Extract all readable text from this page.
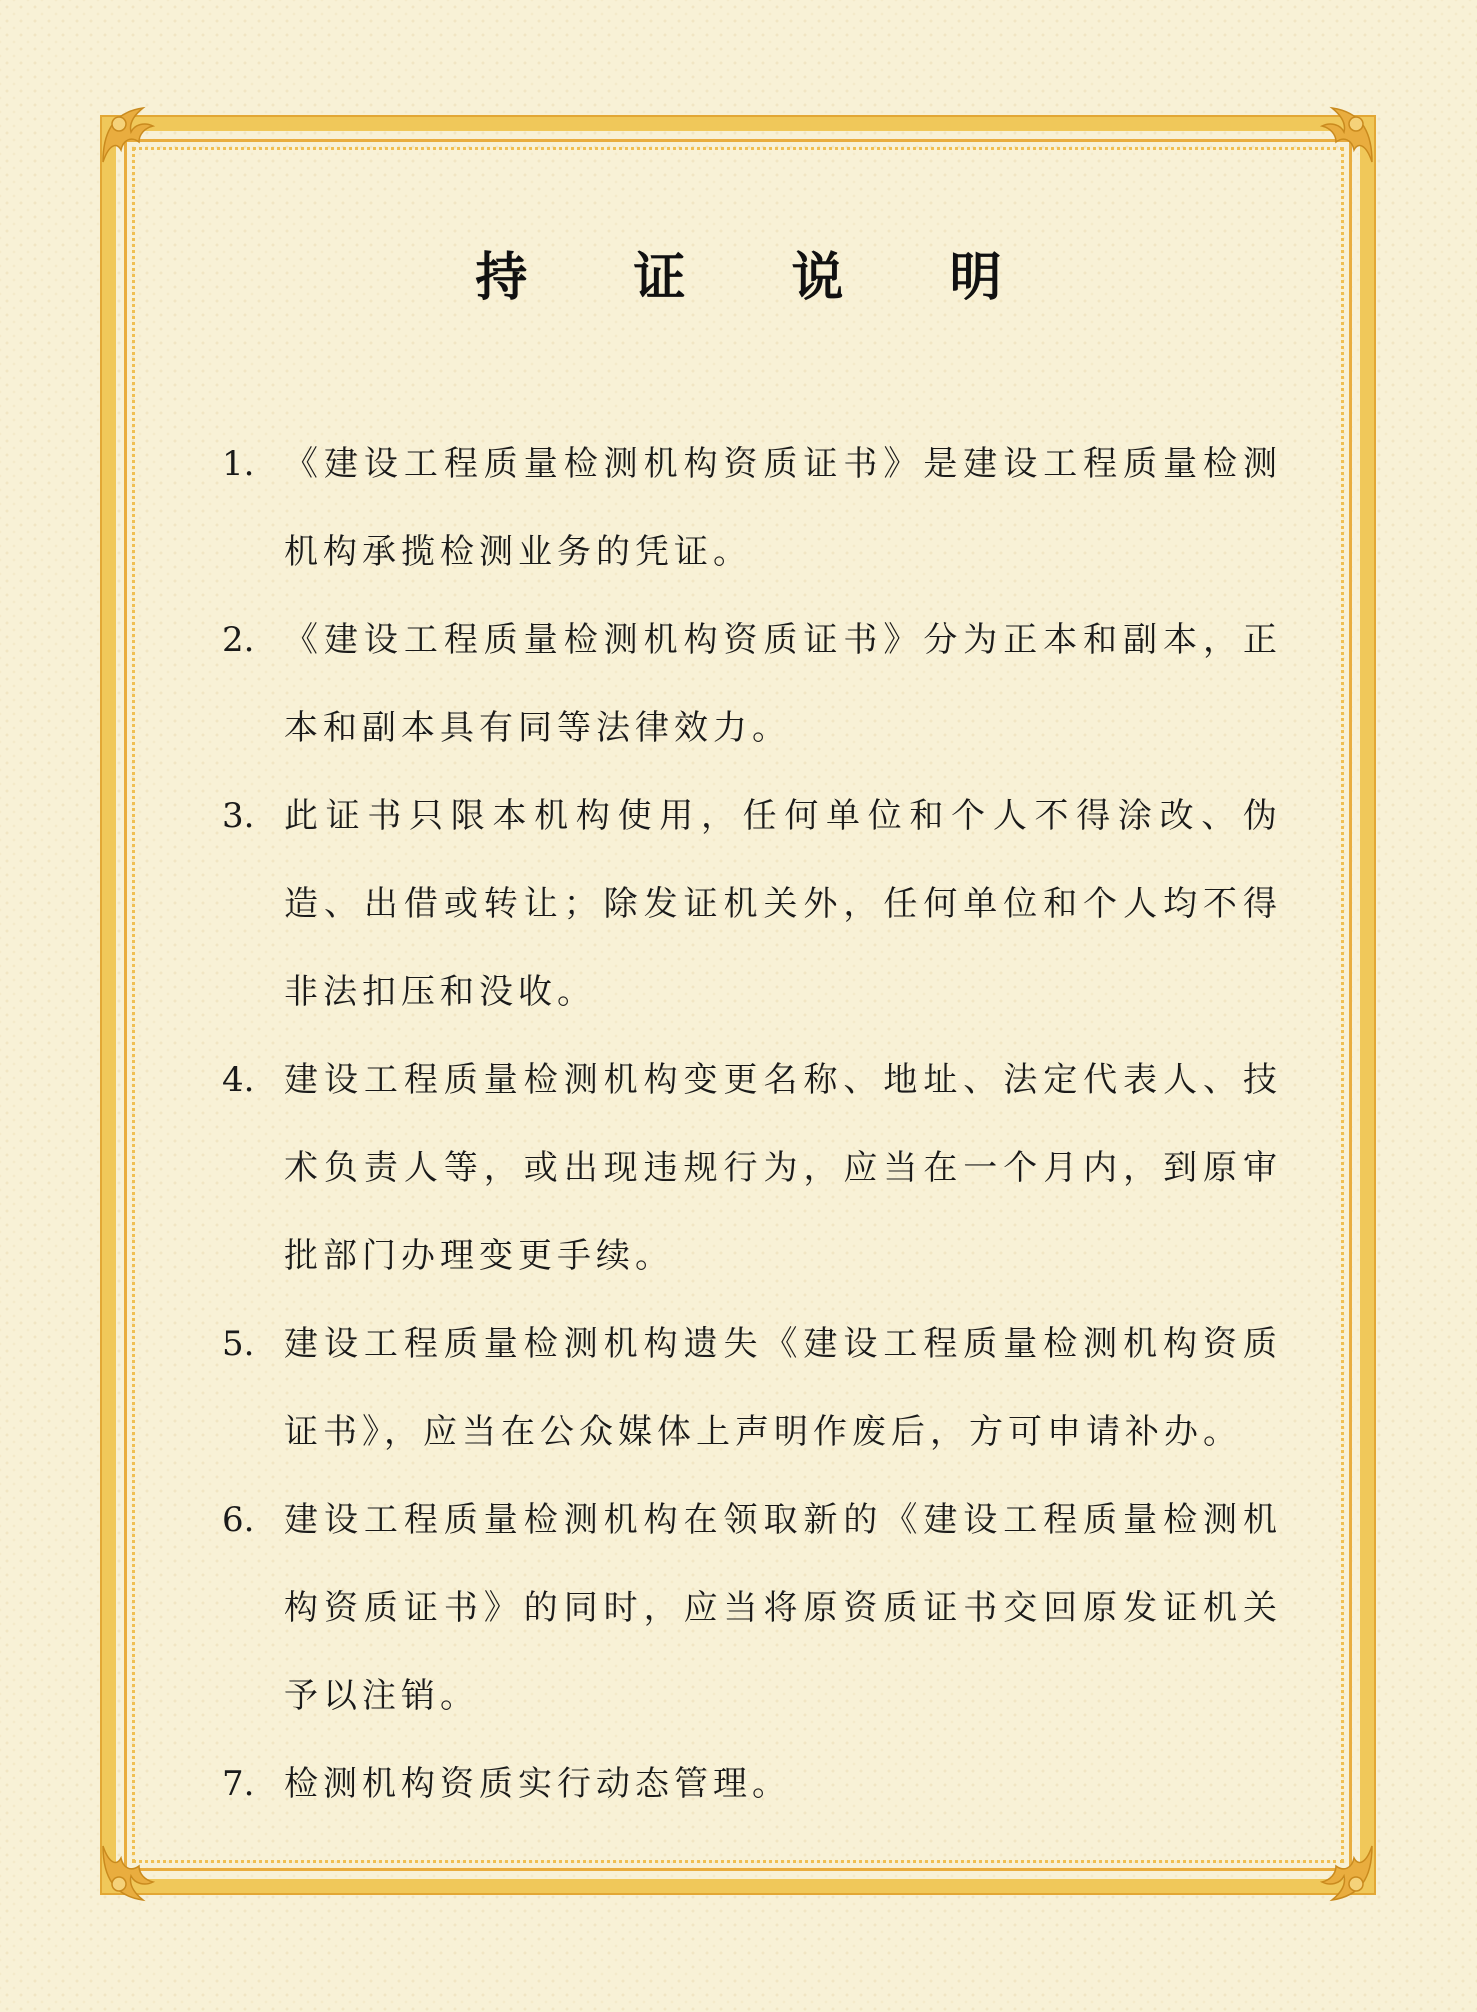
持 证 说 明
1. 《建设工程质量检测机构资质证书》是建设工程质量检测机构承揽检测业务的凭证。
2. 《建设工程质量检测机构资质证书》分为正本和副本，正本和副本具有同等法律效力。
3. 此证书只限本机构使用，任何单位和个人不得涂改、伪造、出借或转让；除发证机关外，任何单位和个人均不得非法扣压和没收。
4. 建设工程质量检测机构变更名称、地址、法定代表人、技术负责人等，或出现违规行为，应当在一个月内，到原审批部门办理变更手续。
5. 建设工程质量检测机构遗失《建设工程质量检测机构资质证书》，应当在公众媒体上声明作废后，方可申请补办。
6. 建设工程质量检测机构在领取新的《建设工程质量检测机构资质证书》的同时，应当将原资质证书交回原发证机关予以注销。
7. 检测机构资质实行动态管理。
